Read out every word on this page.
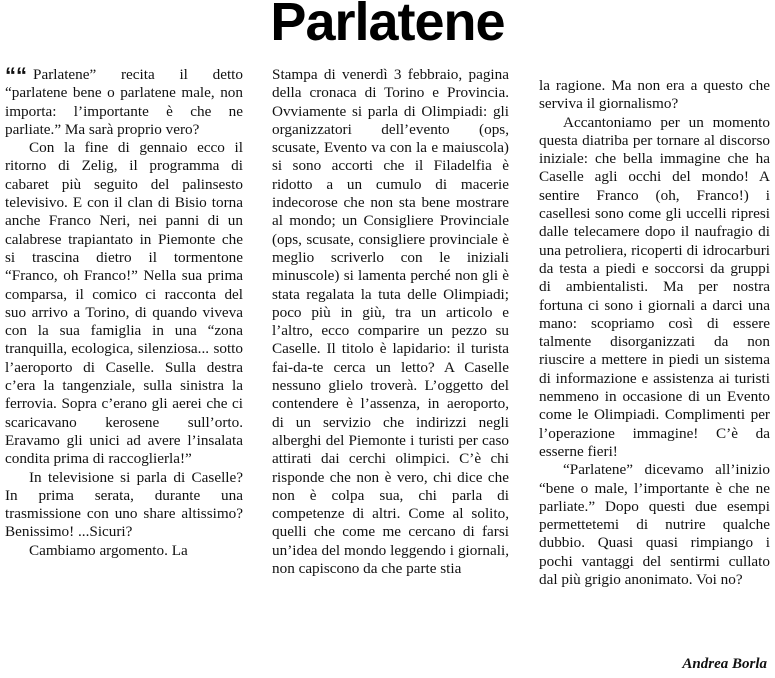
Parlatene

““ Parlatene” recita il detto “parlatene bene o parlatene male, non importa: l’importante è che ne parliate.” Ma sarà proprio vero?

Con la fine di gennaio ecco il ritorno di Zelig, il programma di cabaret più seguito del palinsesto televisivo. E con il clan di Bisio torna anche Franco Neri, nei panni di un calabrese trapiantato in Piemonte che si trascina dietro il tormentone “Franco, oh Franco!” Nella sua prima comparsa, il comico ci racconta del suo arrivo a Torino, di quando viveva con la sua famiglia in una “zona tranquilla, ecologica, silenziosa... sotto l’aeroporto di Caselle. Sulla destra c’era la tangenziale, sulla sinistra la ferrovia. Sopra c’erano gli aerei che ci scaricavano kerosene sull’orto. Eravamo gli unici ad avere l’insalata condita prima di raccoglierla!”

In televisione si parla di Caselle? In prima serata, durante una trasmissione con uno share altissimo? Benissimo! ...Sicuri?

Cambiamo argomento. La

Stampa di venerdì 3 febbraio, pagina della cronaca di Torino e Provincia. Ovviamente si parla di Olimpiadi: gli organizzatori dell’evento (ops, scusate, Evento va con la e maiuscola) si sono accorti che il Filadelfia è ridotto a un cumulo di macerie indecorose che non sta bene mostrare al mondo; un Consigliere Provinciale (ops, scusate, consigliere provinciale è meglio scriverlo con le iniziali minuscole) si lamenta perché non gli è stata regalata la tuta delle Olimpiadi; poco più in giù, tra un articolo e l’altro, ecco comparire un pezzo su Caselle. Il titolo è lapidario: il turista fai-da-te cerca un letto? A Caselle nessuno glielo troverà. L’oggetto del contendere è l’assenza, in aeroporto, di un servizio che indirizzi negli alberghi del Piemonte i turisti per caso attirati dai cerchi olimpici. C’è chi risponde che non è vero, chi dice che non è colpa sua, chi parla di competenze di altri. Come al solito, quelli che come me cercano di farsi un’idea del mondo leggendo i giornali, non capiscono da che parte stia

la ragione. Ma non era a questo che serviva il giornalismo?

Accantoniamo per un momento questa diatriba per tornare al discorso iniziale: che bella immagine che ha Caselle agli occhi del mondo! A sentire Franco (oh, Franco!) i casellesi sono come gli uccelli ripresi dalle telecamere dopo il naufragio di una petroliera, ricoperti di idrocarburi da testa a piedi e soccorsi da gruppi di ambientalisti. Ma per nostra fortuna ci sono i giornali a darci una mano: scopriamo così di essere talmente disorganizzati da non riuscire a mettere in piedi un sistema di informazione e assistenza ai turisti nemmeno in occasione di un Evento come le Olimpiadi. Complimenti per l’operazione immagine! C’è da esserne fieri!

“Parlatene” dicevamo all’inizio “bene o male, l’importante è che ne parliate.” Dopo questi due esempi permettetemi di nutrire qualche dubbio. Quasi quasi rimpiango i pochi vantaggi del sentirmi cullato dal più grigio anonimato. Voi no?

Andrea Borla
